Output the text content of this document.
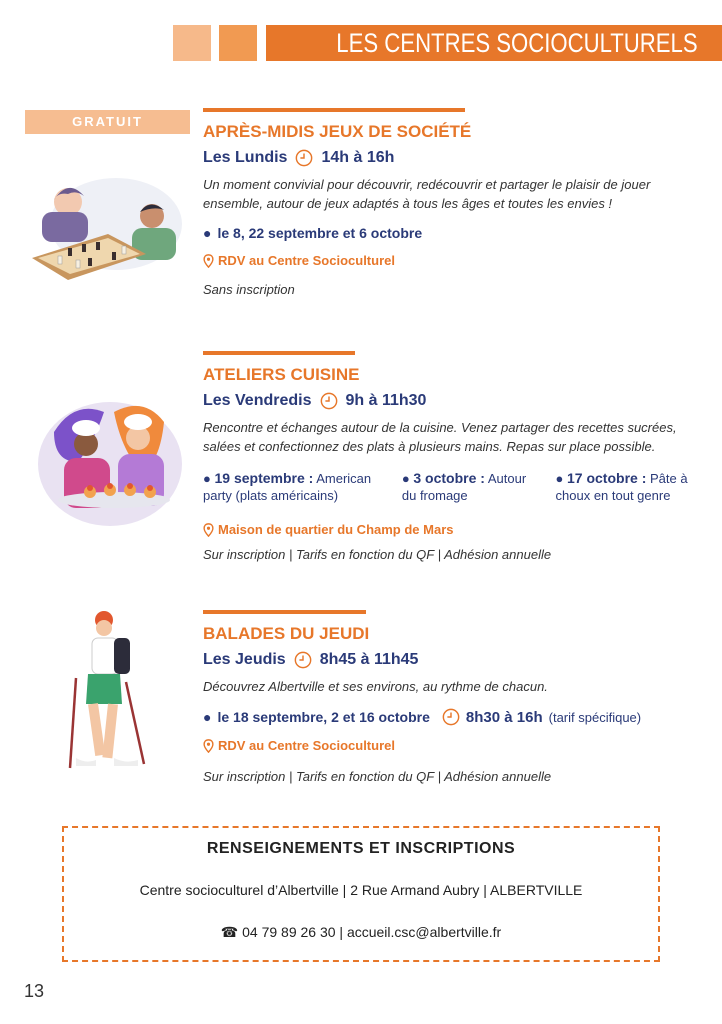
LES CENTRES SOCIOCULTURELS
GRATUIT
APRÈS-MIDIS JEUX DE SOCIÉTÉ
Les Lundis 14h à 16h
Un moment convivial pour découvrir, redécouvrir et partager le plaisir de jouer ensemble, autour de jeux adaptés à tous les âges et toutes les envies !
● le 8, 22 septembre et 6 octobre
RDV au Centre Socioculturel
Sans inscription
ATELIERS CUISINE
Les Vendredis 9h à 11h30
Rencontre et échanges autour de la cuisine. Venez partager des recettes sucrées, salées et confectionnez des plats à plusieurs mains. Repas sur place possible.
● 19 septembre : American party (plats américains)
● 3 octobre : Autour du fromage
● 17 octobre : Pâte à choux en tout genre
Maison de quartier du Champ de Mars
Sur inscription | Tarifs en fonction du QF | Adhésion annuelle
BALADES DU JEUDI
Les Jeudis 8h45 à 11h45
Découvrez Albertville et ses environs, au rythme de chacun.
● le 18 septembre, 2 et 16 octobre 8h30 à 16h (tarif spécifique)
RDV au Centre Socioculturel
Sur inscription | Tarifs en fonction du QF | Adhésion annuelle
RENSEIGNEMENTS ET INSCRIPTIONS
Centre socioculturel d’Albertville | 2 Rue Armand Aubry | ALBERTVILLE
☎ 04 79 89 26 30 | accueil.csc@albertville.fr
13
